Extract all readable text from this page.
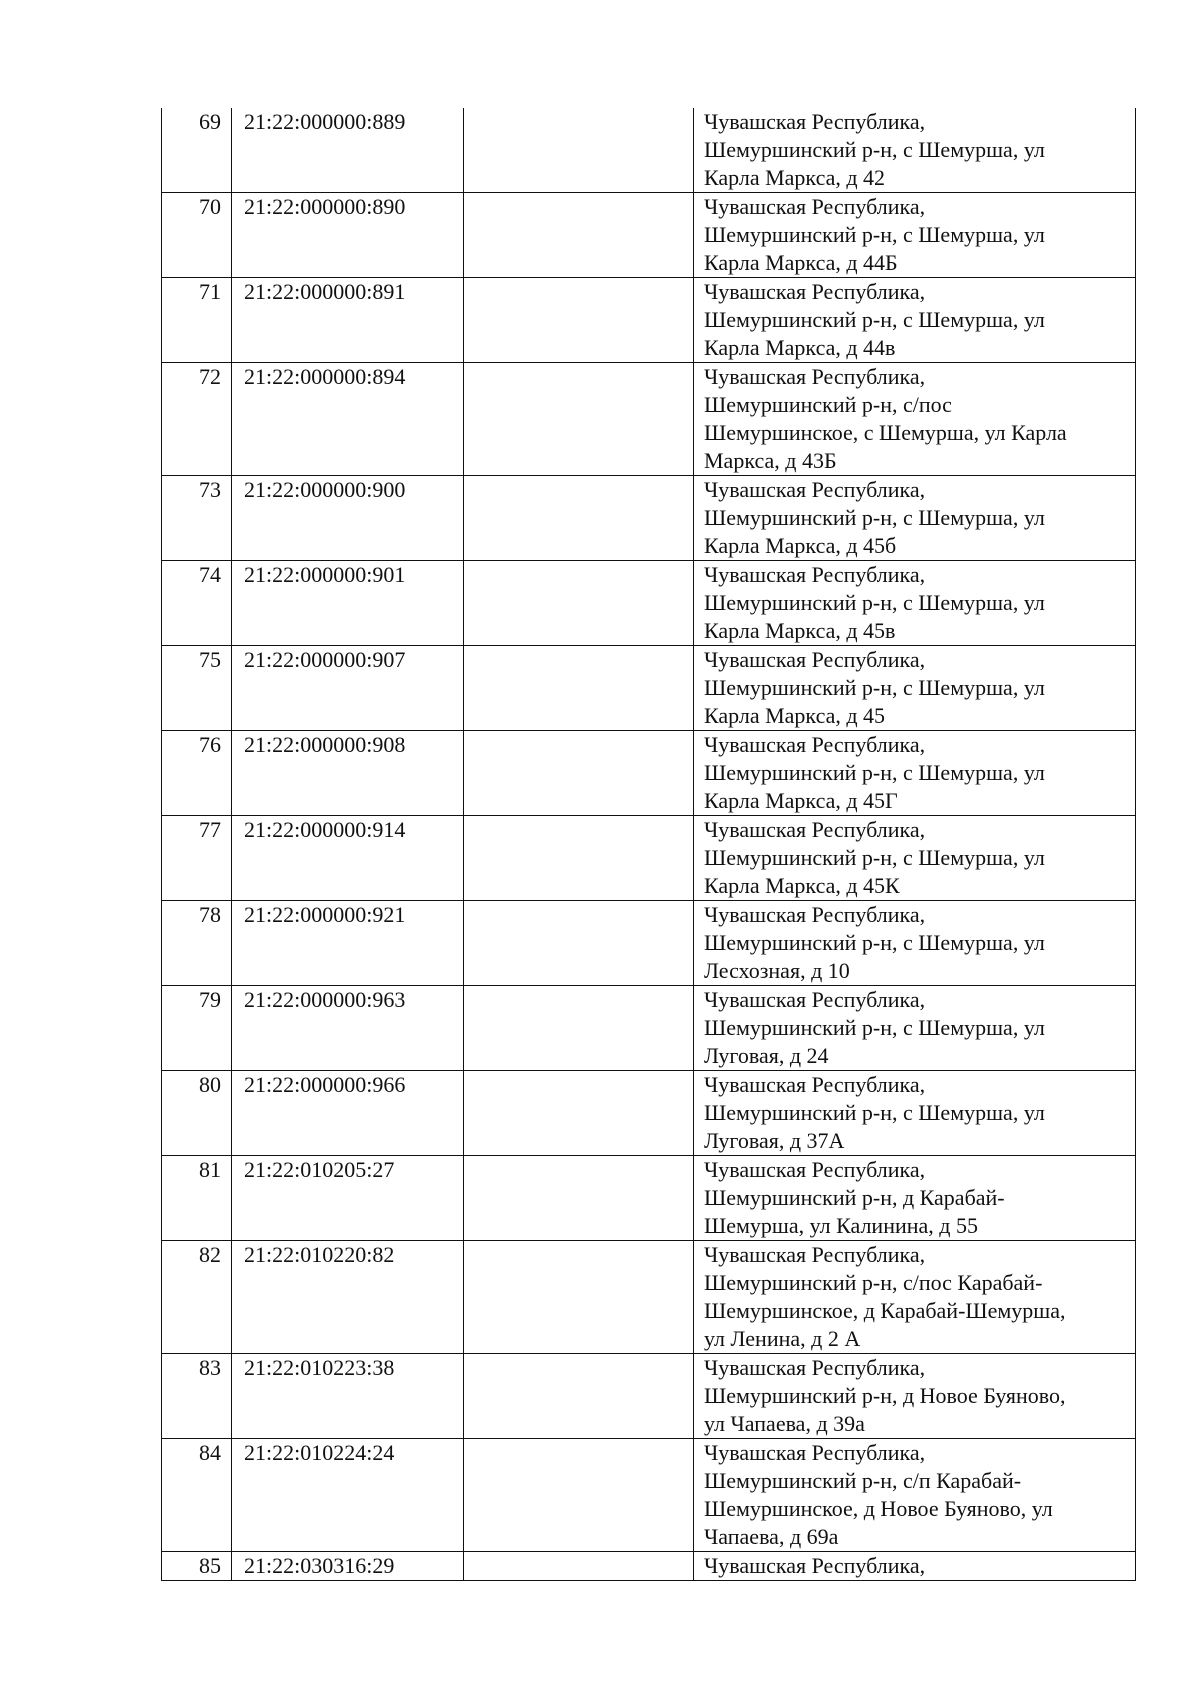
69	21:22:000000:889		Чувашская Республика,
Шемуршинский р-н, с Шемурша, ул
Карла Маркса, д 42
70	21:22:000000:890		Чувашская Республика,
Шемуршинский р-н, с Шемурша, ул
Карла Маркса, д 44Б
71	21:22:000000:891		Чувашская Республика,
Шемуршинский р-н, с Шемурша, ул
Карла Маркса, д 44в
72	21:22:000000:894		Чувашская Республика,
Шемуршинский р-н, с/пос
Шемуршинское, с Шемурша, ул Карла
Маркса, д 43Б
73	21:22:000000:900		Чувашская Республика,
Шемуршинский р-н, с Шемурша, ул
Карла Маркса, д 45б
74	21:22:000000:901		Чувашская Республика,
Шемуршинский р-н, с Шемурша, ул
Карла Маркса, д 45в
75	21:22:000000:907		Чувашская Республика,
Шемуршинский р-н, с Шемурша, ул
Карла Маркса, д 45
76	21:22:000000:908		Чувашская Республика,
Шемуршинский р-н, с Шемурша, ул
Карла Маркса, д 45Г
77	21:22:000000:914		Чувашская Республика,
Шемуршинский р-н, с Шемурша, ул
Карла Маркса, д 45К
78	21:22:000000:921		Чувашская Республика,
Шемуршинский р-н, с Шемурша, ул
Лесхозная, д 10
79	21:22:000000:963		Чувашская Республика,
Шемуршинский р-н, с Шемурша, ул
Луговая, д 24
80	21:22:000000:966		Чувашская Республика,
Шемуршинский р-н, с Шемурша, ул
Луговая, д 37А
81	21:22:010205:27		Чувашская Республика,
Шемуршинский р-н, д Карабай-
Шемурша, ул Калинина, д 55
82	21:22:010220:82		Чувашская Республика,
Шемуршинский р-н, с/пос Карабай-
Шемуршинское, д Карабай-Шемурша,
ул Ленина, д 2 А
83	21:22:010223:38		Чувашская Республика,
Шемуршинский р-н, д Новое Буяново,
ул Чапаева, д 39а
84	21:22:010224:24		Чувашская Республика,
Шемуршинский р-н, с/п Карабай-
Шемуршинское, д Новое Буяново, ул
Чапаева, д 69а
85	21:22:030316:29		Чувашская Республика,
